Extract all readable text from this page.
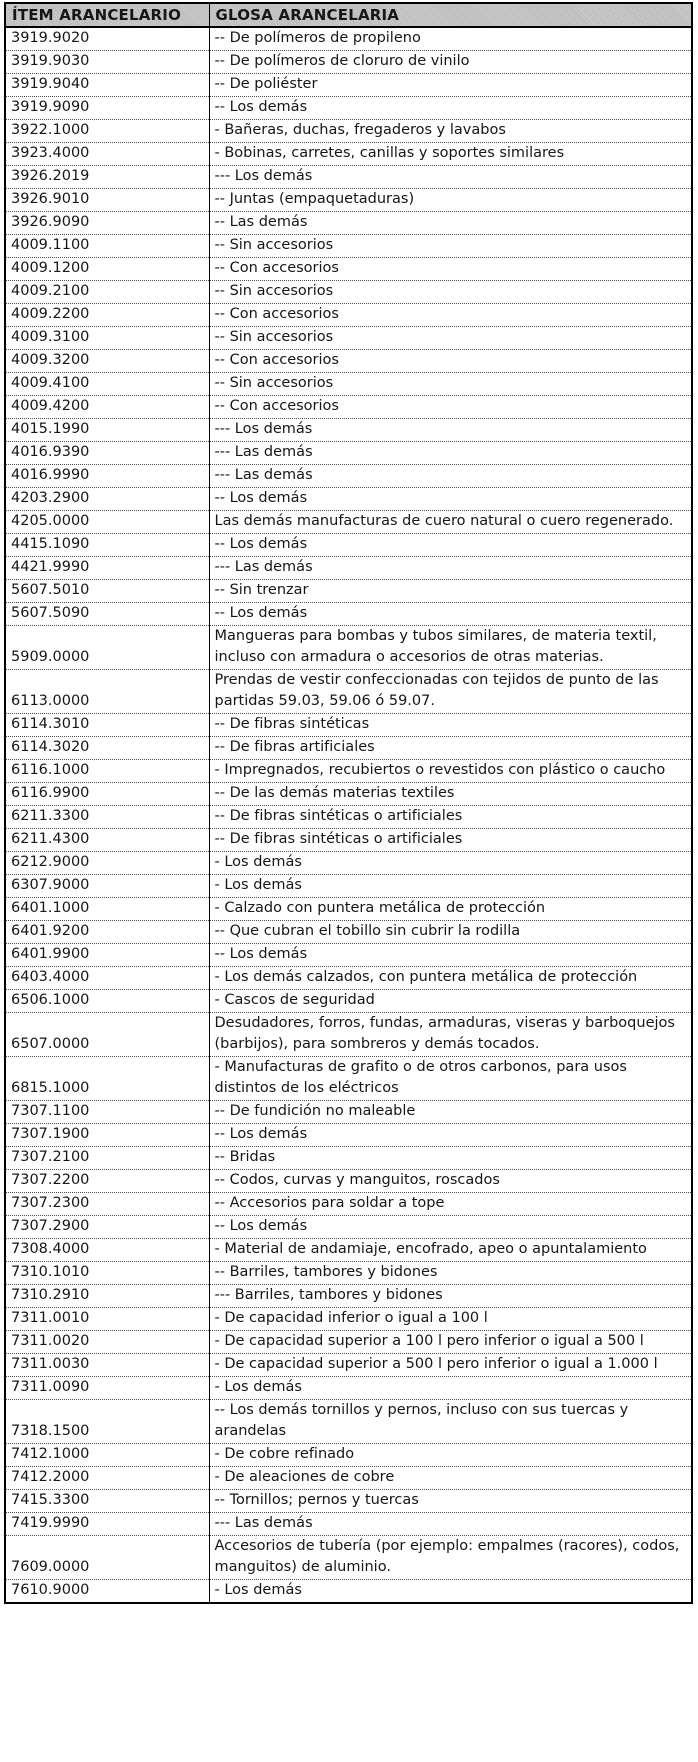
ÍTEM ARANCELARIO	GLOSA ARANCELARIA
3919.9020	-- De polímeros de propileno
3919.9030	-- De polímeros de cloruro de vinilo
3919.9040	-- De poliéster
3919.9090	-- Los demás
3922.1000	- Bañeras, duchas, fregaderos y lavabos
3923.4000	- Bobinas, carretes, canillas y soportes similares
3926.2019	--- Los demás
3926.9010	-- Juntas (empaquetaduras)
3926.9090	-- Las demás
4009.1100	-- Sin accesorios
4009.1200	-- Con accesorios
4009.2100	-- Sin accesorios
4009.2200	-- Con accesorios
4009.3100	-- Sin accesorios
4009.3200	-- Con accesorios
4009.4100	-- Sin accesorios
4009.4200	-- Con accesorios
4015.1990	--- Los demás
4016.9390	--- Las demás
4016.9990	--- Las demás
4203.2900	-- Los demás
4205.0000	Las demás manufacturas de cuero natural o cuero regenerado.
4415.1090	-- Los demás
4421.9990	--- Las demás
5607.5010	-- Sin trenzar
5607.5090	-- Los demás
5909.0000	Mangueras para bombas y tubos similares, de materia textil, incluso con armadura o accesorios de otras materias.
6113.0000	Prendas de vestir confeccionadas con tejidos de punto de las partidas 59.03, 59.06 ó 59.07.
6114.3010	-- De fibras sintéticas
6114.3020	-- De fibras artificiales
6116.1000	- Impregnados, recubiertos o revestidos con plástico o caucho
6116.9900	-- De las demás materias textiles
6211.3300	-- De fibras sintéticas o artificiales
6211.4300	-- De fibras sintéticas o artificiales
6212.9000	- Los demás
6307.9000	- Los demás
6401.1000	- Calzado con puntera metálica de protección
6401.9200	-- Que cubran el tobillo sin cubrir la rodilla
6401.9900	-- Los demás
6403.4000	- Los demás calzados, con puntera metálica de protección
6506.1000	- Cascos de seguridad
6507.0000	Desudadores, forros, fundas, armaduras, viseras y barboquejos (barbijos), para sombreros y demás tocados.
6815.1000	- Manufacturas de grafito o de otros carbonos, para usos distintos de los eléctricos
7307.1100	-- De fundición no maleable
7307.1900	-- Los demás
7307.2100	-- Bridas
7307.2200	-- Codos, curvas y manguitos, roscados
7307.2300	-- Accesorios para soldar a tope
7307.2900	-- Los demás
7308.4000	- Material de andamiaje, encofrado, apeo o apuntalamiento
7310.1010	-- Barriles, tambores y bidones
7310.2910	--- Barriles, tambores y bidones
7311.0010	- De capacidad inferior o igual a 100 l
7311.0020	- De capacidad superior a 100 l pero inferior o igual a 500 l
7311.0030	- De capacidad superior a 500 l pero inferior o igual a 1.000 l
7311.0090	- Los demás
7318.1500	-- Los demás tornillos y pernos, incluso con sus tuercas y arandelas
7412.1000	- De cobre refinado
7412.2000	- De aleaciones de cobre
7415.3300	-- Tornillos; pernos y tuercas
7419.9990	--- Las demás
7609.0000	Accesorios de tubería (por ejemplo: empalmes (racores), codos, manguitos) de aluminio.
7610.9000	- Los demás
